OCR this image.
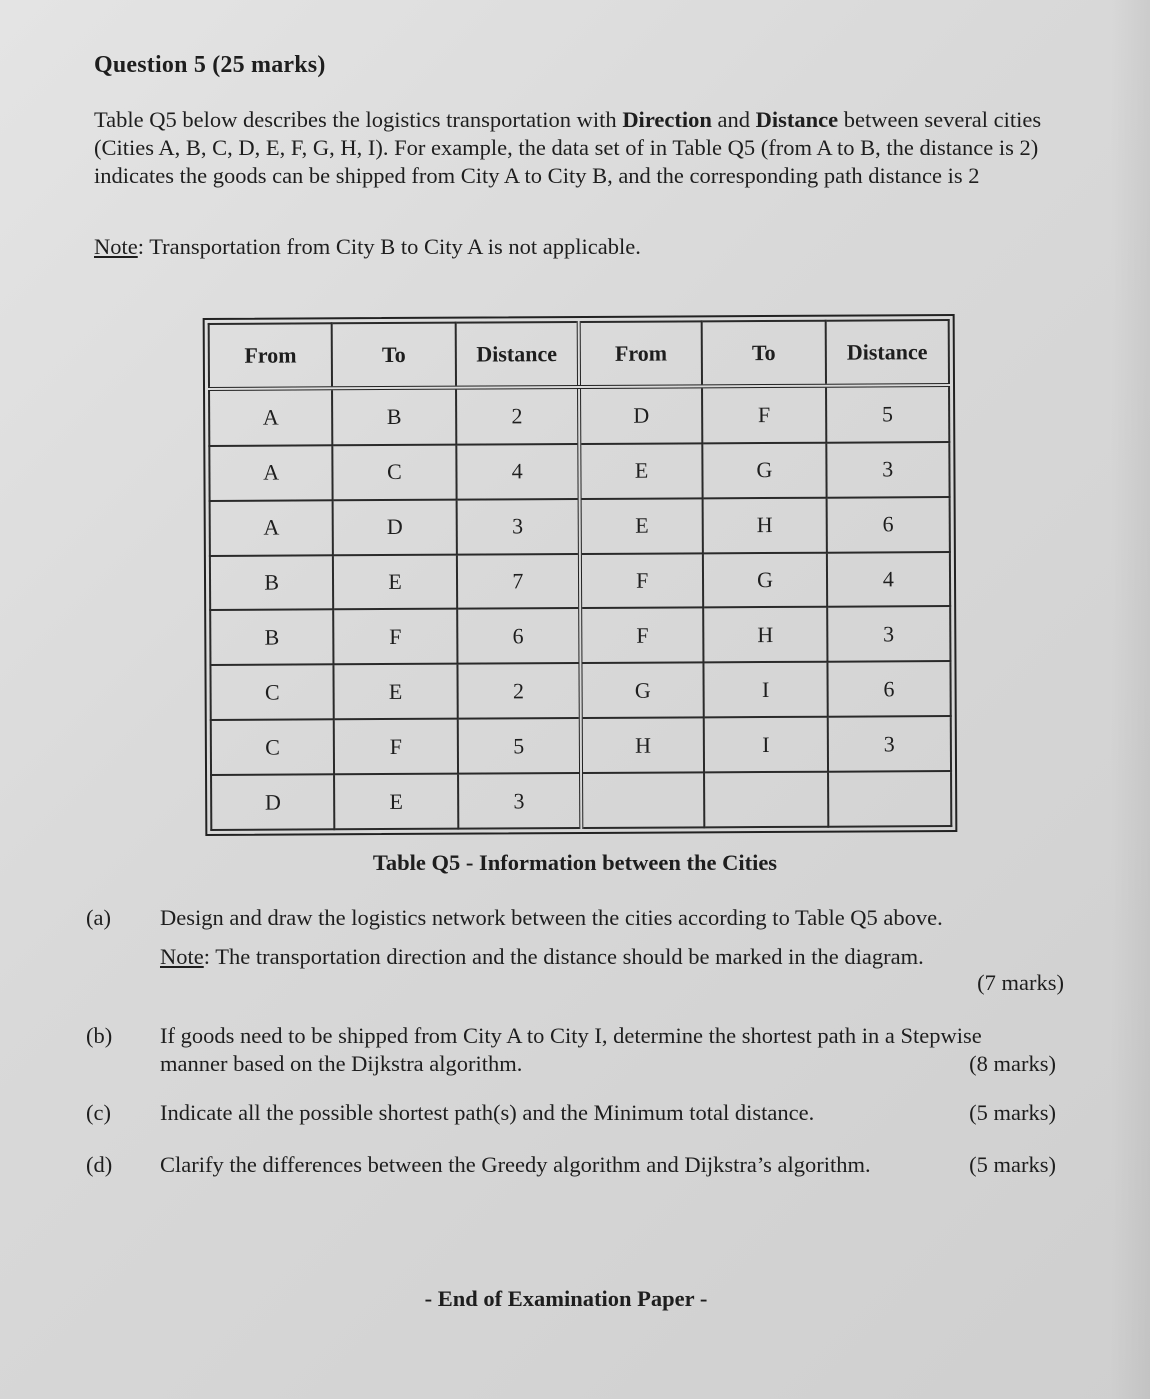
Question 5 (25 marks)
Table Q5 below describes the logistics transportation with Direction and Distance between several cities (Cities A, B, C, D, E, F, G, H, I). For example, the data set of in Table Q5 (from A to B, the distance is 2) indicates the goods can be shipped from City A to City B, and the corresponding path distance is 2
Note: Transportation from City B to City A is not applicable.
From	To	Distance	From	To	Distance
A	B	2	D	F	5
A	C	4	E	G	3
A	D	3	E	H	6
B	E	7	F	G	4
B	F	6	F	H	3
C	E	2	G	I	6
C	F	5	H	I	3
D	E	3			
Table Q5 - Information between the Cities
(a) Design and draw the logistics network between the cities according to Table Q5 above.
Note: The transportation direction and the distance should be marked in the diagram.
(7 marks)
(b) If goods need to be shipped from City A to City I, determine the shortest path in a Stepwise
manner based on the Dijkstra algorithm.	(8 marks)
(c) Indicate all the possible shortest path(s) and the Minimum total distance.	(5 marks)
(d) Clarify the differences between the Greedy algorithm and Dijkstra’s algorithm.	(5 marks)
- End of Examination Paper -
